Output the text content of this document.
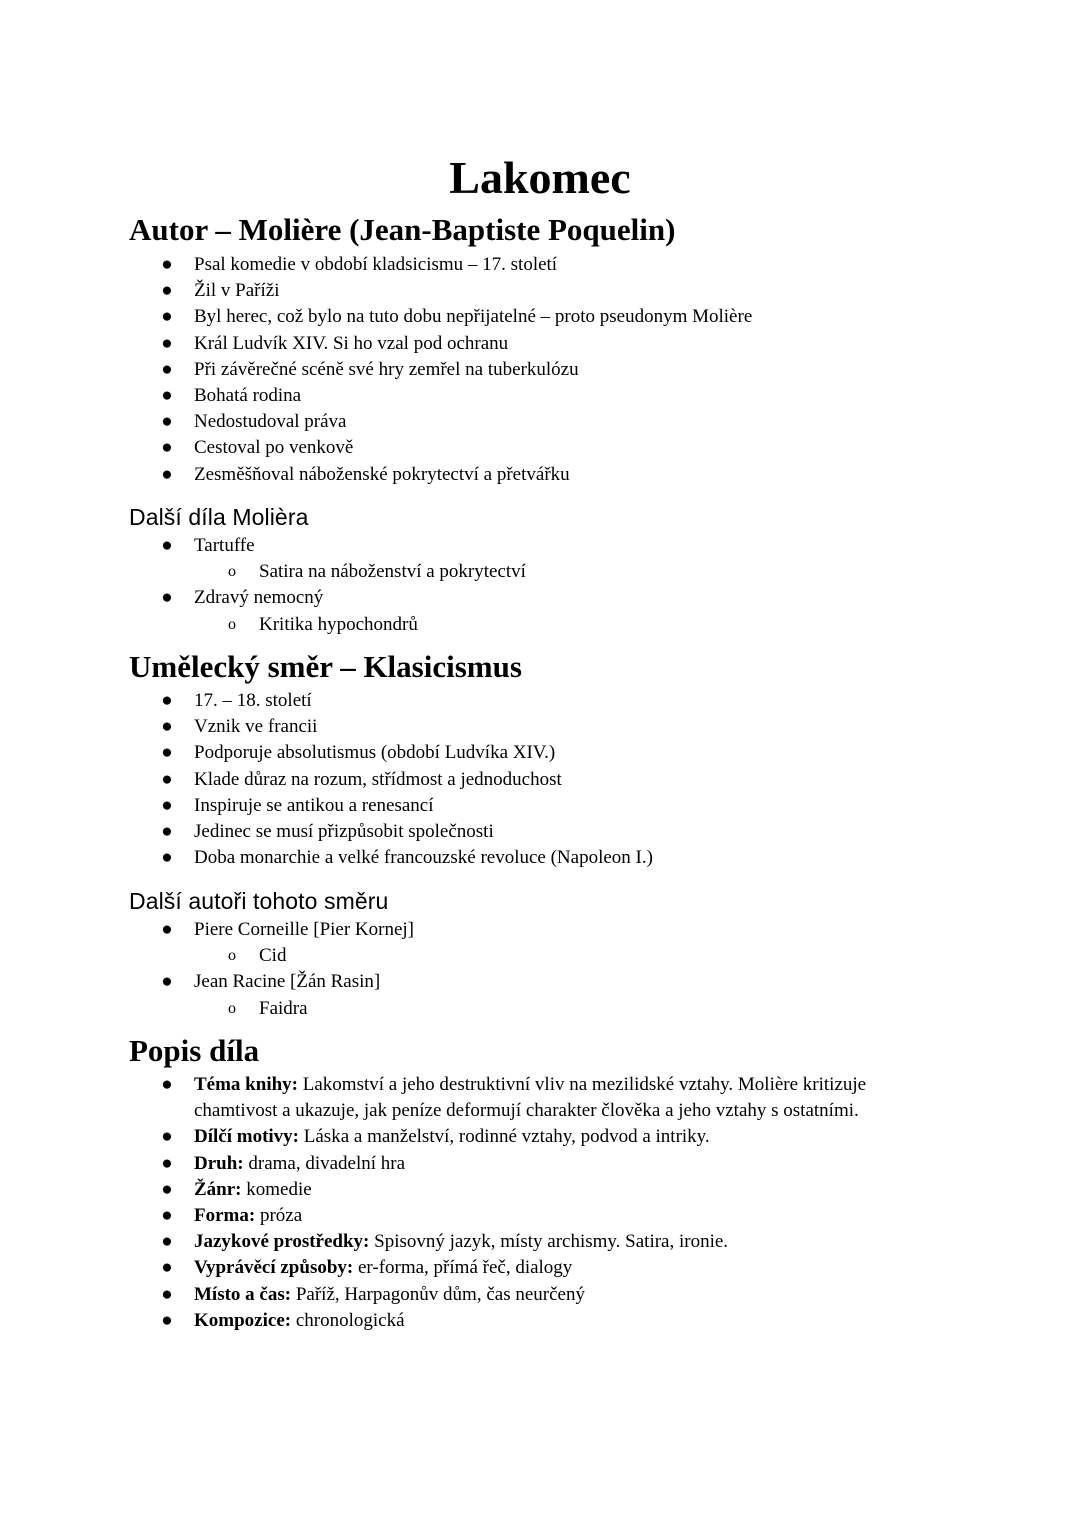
Lakomec
Autor – Molière (Jean-Baptiste Poquelin)
● Psal komedie v období kladsicismu – 17. století
● Žil v Paříži
● Byl herec, což bylo na tuto dobu nepřijatelné – proto pseudonym Molière
● Král Ludvík XIV. Si ho vzal pod ochranu
● Při závěrečné scéně své hry zemřel na tuberkulózu
● Bohatá rodina
● Nedostudoval práva
● Cestoval po venkově
● Zesměšňoval náboženské pokrytectví a přetvářku
Další díla Molièra
● Tartuffe
o Satira na náboženství a pokrytectví
● Zdravý nemocný
o Kritika hypochondrů
Umělecký směr – Klasicismus
● 17. – 18. století
● Vznik ve francii
● Podporuje absolutismus (období Ludvíka XIV.)
● Klade důraz na rozum, střídmost a jednoduchost
● Inspiruje se antikou a renesancí
● Jedinec se musí přizpůsobit společnosti
● Doba monarchie a velké francouzské revoluce (Napoleon I.)
Další autoři tohoto směru
● Piere Corneille [Pier Kornej]
o Cid
● Jean Racine [Žán Rasin]
o Faidra
Popis díla
● Téma knihy: Lakomství a jeho destruktivní vliv na mezilidské vztahy. Molière kritizuje chamtivost a ukazuje, jak peníze deformují charakter člověka a jeho vztahy s ostatními.
● Dílčí motivy: Láska a manželství, rodinné vztahy, podvod a intriky.
● Druh: drama, divadelní hra
● Žánr: komedie
● Forma: próza
● Jazykové prostředky: Spisovný jazyk, místy archismy. Satira, ironie.
● Vyprávěcí způsoby: er-forma, přímá řeč, dialogy
● Místo a čas: Paříž, Harpagonův dům, čas neurčený
● Kompozice: chronologická
